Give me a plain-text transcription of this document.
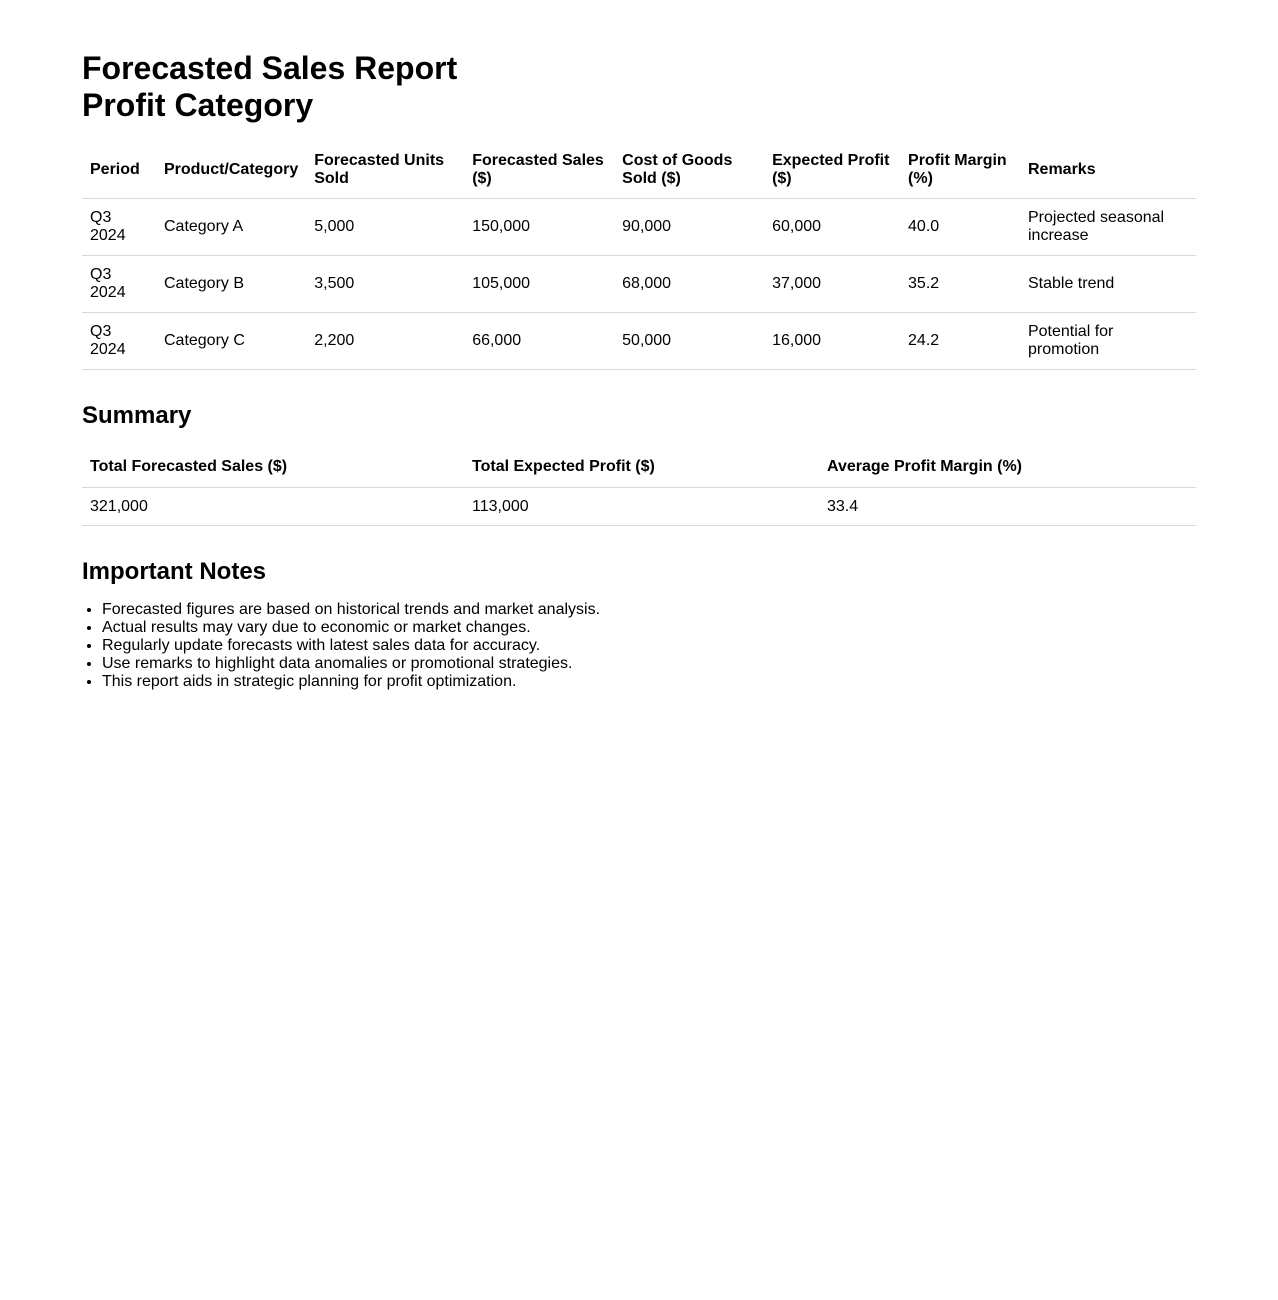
Forecasted Sales Report
Profit Category
Period	Product/Category	Forecasted Units Sold	Forecasted Sales ($)	Cost of Goods Sold ($)	Expected Profit ($)	Profit Margin (%)	Remarks
Q3 2024	Category A	5,000	150,000	90,000	60,000	40.0	Projected seasonal increase
Q3 2024	Category B	3,500	105,000	68,000	37,000	35.2	Stable trend
Q3 2024	Category C	2,200	66,000	50,000	16,000	24.2	Potential for promotion
Summary
Total Forecasted Sales ($)	Total Expected Profit ($)	Average Profit Margin (%)
321,000	113,000	33.4
Important Notes
• Forecasted figures are based on historical trends and market analysis.
• Actual results may vary due to economic or market changes.
• Regularly update forecasts with latest sales data for accuracy.
• Use remarks to highlight data anomalies or promotional strategies.
• This report aids in strategic planning for profit optimization.
